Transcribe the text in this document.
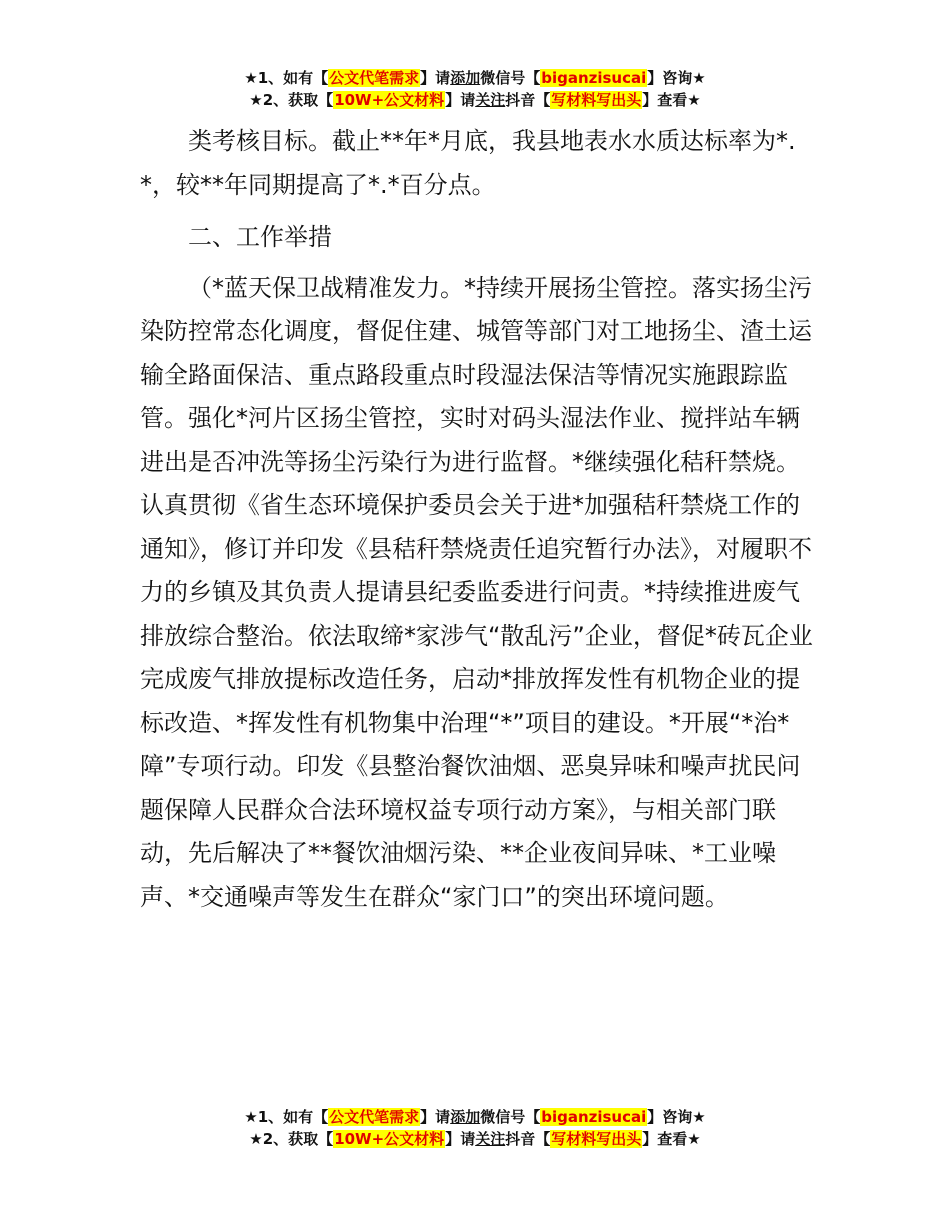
★1、如有【公文代笔需求】请添加微信号【biganzisucai】咨询★
★2、获取【10W+公文材料】请关注抖音【写材料写出头】查看★

类考核目标。截止**年*月底，我县地表水水质达标率为*.*，较**年同期提高了*.*百分点。

二、工作举措

（*蓝天保卫战精准发力。*持续开展扬尘管控。落实扬尘污染防控常态化调度，督促住建、城管等部门对工地扬尘、渣土运输全路面保洁、重点路段重点时段湿法保洁等情况实施跟踪监管。强化*河片区扬尘管控，实时对码头湿法作业、搅拌站车辆进出是否冲洗等扬尘污染行为进行监督。*继续强化秸秆禁烧。认真贯彻《省生态环境保护委员会关于进*加强秸秆禁烧工作的通知》，修订并印发《县秸秆禁烧责任追究暂行办法》，对履职不力的乡镇及其负责人提请县纪委监委进行问责。*持续推进废气排放综合整治。依法取缔*家涉气“散乱污”企业，督促*砖瓦企业完成废气排放提标改造任务，启动*排放挥发性有机物企业的提标改造、*挥发性有机物集中治理“*”项目的建设。*开展“*治*障”专项行动。印发《县整治餐饮油烟、恶臭异味和噪声扰民问题保障人民群众合法环境权益专项行动方案》，与相关部门联动，先后解决了**餐饮油烟污染、**企业夜间异味、*工业噪声、*交通噪声等发生在群众“家门口”的突出环境问题。

★1、如有【公文代笔需求】请添加微信号【biganzisucai】咨询★
★2、获取【10W+公文材料】请关注抖音【写材料写出头】查看★
